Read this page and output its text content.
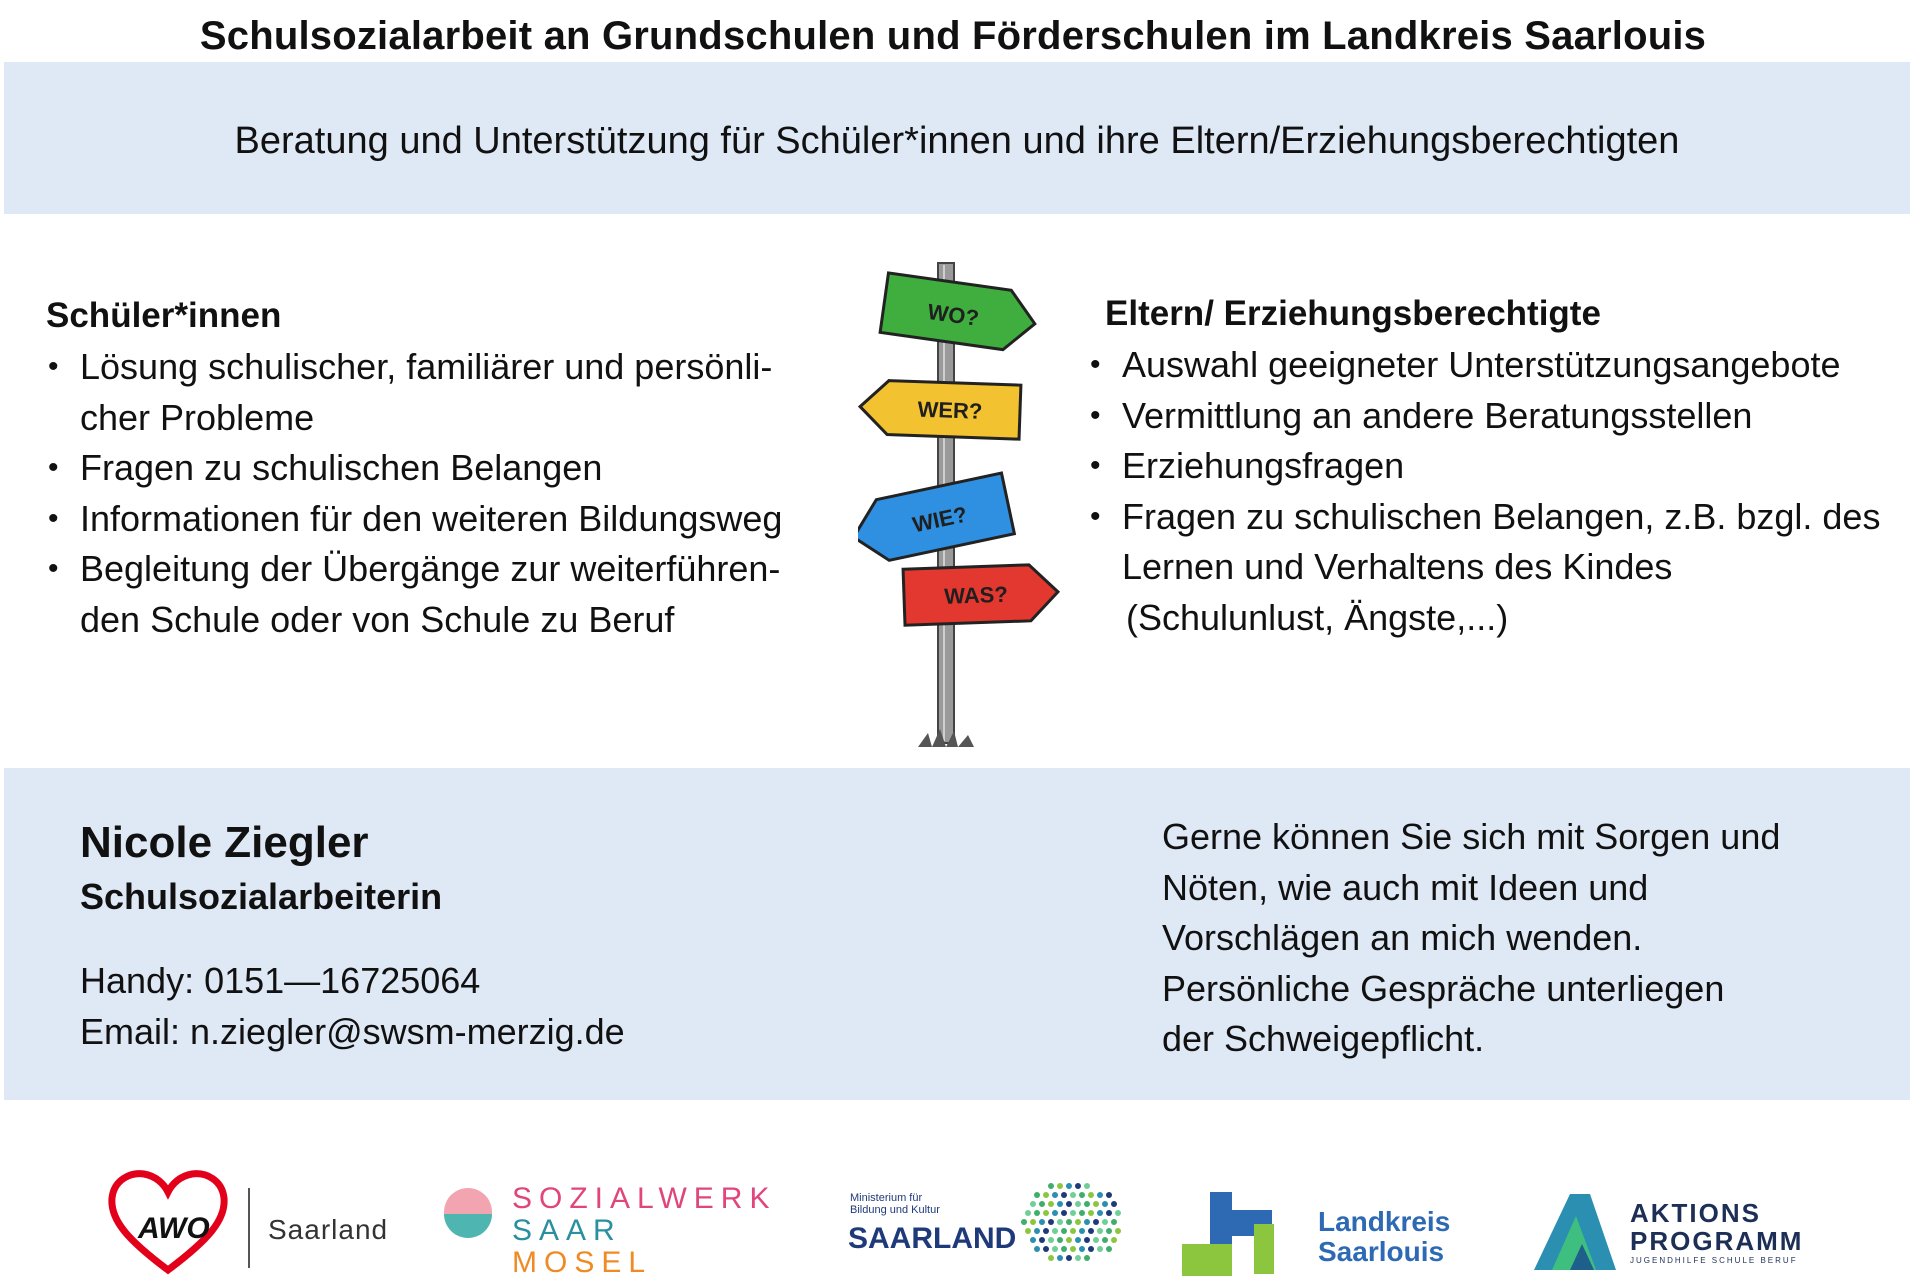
Schulsozialarbeit an Grundschulen und Förderschulen im Landkreis Saarlouis
Beratung und Unterstützung für Schüler*innen und ihre Eltern/Erziehungsberechtigten
Schüler*innen
• Lösung schulischer, familiärer und persönli-
cher Probleme
• Fragen zu schulischen Belangen
• Informationen für den weiteren Bildungsweg
• Begleitung der Übergänge zur weiterführen-
den Schule oder von Schule zu Beruf
WO?
WER?
WIE?
WAS?
Eltern/ Erziehungsberechtigte
• Auswahl geeigneter Unterstützungsangebote
• Vermittlung an andere Beratungsstellen
• Erziehungsfragen
• Fragen zu schulischen Belangen, z.B. bzgl. des
Lernen und Verhaltens des Kindes
(Schulunlust, Ängste,...)
Nicole Ziegler
Schulsozialarbeiterin
Handy: 0151—16725064
Email: n.ziegler@swsm-merzig.de
Gerne können Sie sich mit Sorgen und
Nöten, wie auch mit Ideen und
Vorschlägen an mich wenden.
Persönliche Gespräche unterliegen
der Schweigepflicht.
AWO Saarland
SOZIALWERK
SAAR
MOSEL
Ministerium für
Bildung und Kultur
SAARLAND
Landkreis
Saarlouis
AKTIONS
PROGRAMM
JUGENDHILFE SCHULE BERUF
